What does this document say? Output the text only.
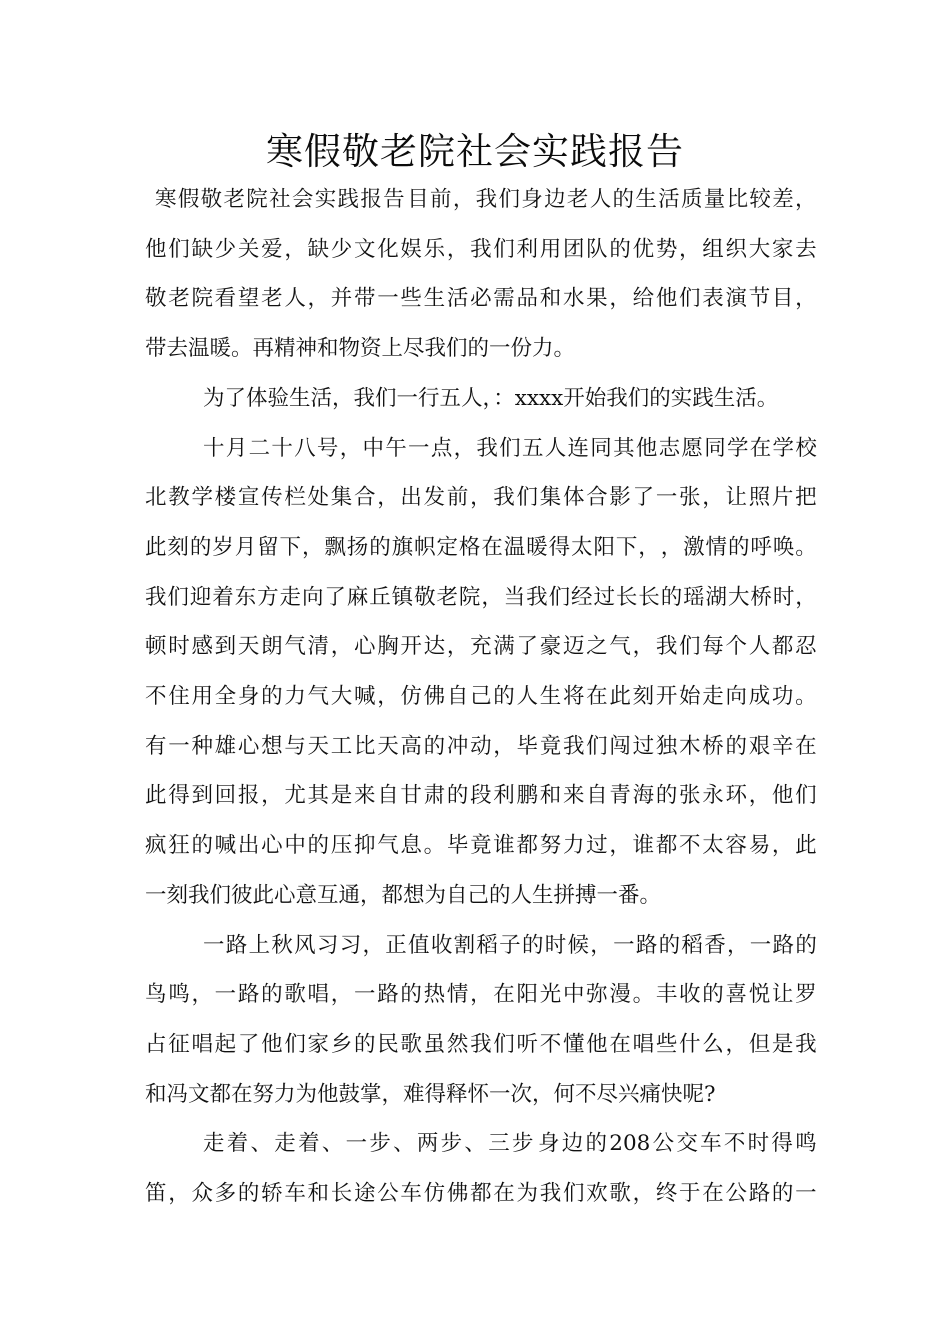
寒假敬老院社会实践报告
寒 假 敬 老 院 社 会 实 践 报 告 目 前 ， 我 们 身 边 老 人 的 生 活 质 量 比 较 差 ，
他 们 缺 少 关 爱 ， 缺 少 文 化 娱 乐 ， 我 们 利 用 团 队 的 优 势 ， 组 织 大 家 去
敬 老 院 看 望 老 人 ， 并 带 一 些 生 活 必 需 品 和 水 果 ， 给 他 们 表 演 节 目 ，
带去温暖。再精神和物资上尽我们的一份力。
为了体验生活，我们一行五人，：xxxx开始我们的实践生活。
十 月 二 十 八 号 ， 中 午 一 点 ， 我 们 五 人 连 同 其 他 志 愿 同 学 在 学 校
北 教 学 楼 宣 传 栏 处 集 合 ， 出 发 前 ， 我 们 集 体 合 影 了 一 张 ， 让 照 片 把
此 刻 的 岁 月 留 下 ， 飘 扬 的 旗 帜 定 格 在 温 暖 得 太 阳 下 ， ， 激 情 的 呼 唤 。
我 们 迎 着 东 方 走 向 了 麻 丘 镇 敬 老 院 ， 当 我 们 经 过 长 长 的 瑶 湖 大 桥 时 ，
顿 时 感 到 天 朗 气 清 ， 心 胸 开 达 ， 充 满 了 豪 迈 之 气 ， 我 们 每 个 人 都 忍
不 住 用 全 身 的 力 气 大 喊 ， 仿 佛 自 己 的 人 生 将 在 此 刻 开 始 走 向 成 功 。
有 一 种 雄 心 想 与 天 工 比 天 高 的 冲 动 ， 毕 竟 我 们 闯 过 独 木 桥 的 艰 辛 在
此 得 到 回 报 ， 尤 其 是 来 自 甘 肃 的 段 利 鹏 和 来 自 青 海 的 张 永 环 ， 他 们
疯 狂 的 喊 出 心 中 的 压 抑 气 息 。 毕 竟 谁 都 努 力 过 ， 谁 都 不 太 容 易 ， 此
一刻我们彼此心意互通，都想为自己的人生拼搏一番。
一 路 上 秋 风 习 习 ， 正 值 收 割 稻 子 的 时 候 ， 一 路 的 稻 香 ， 一 路 的
鸟 鸣 ， 一 路 的 歌 唱 ， 一 路 的 热 情 ， 在 阳 光 中 弥 漫 。 丰 收 的 喜 悦 让 罗
占 征 唱 起 了 他 们 家 乡 的 民 歌 虽 然 我 们 听 不 懂 他 在 唱 些 什 么 ， 但 是 我
和冯文都在努力为他鼓掌，难得释怀一次，何不尽兴痛快呢?
走 着 、 走 着 、 一 步 、 两 步 、 三 步 身 边 的 208 公 交 车 不 时 得 鸣
笛 ， 众 多 的 轿 车 和 长 途 公 车 仿 佛 都 在 为 我 们 欢 歌 ， 终 于 在 公 路 的 一
